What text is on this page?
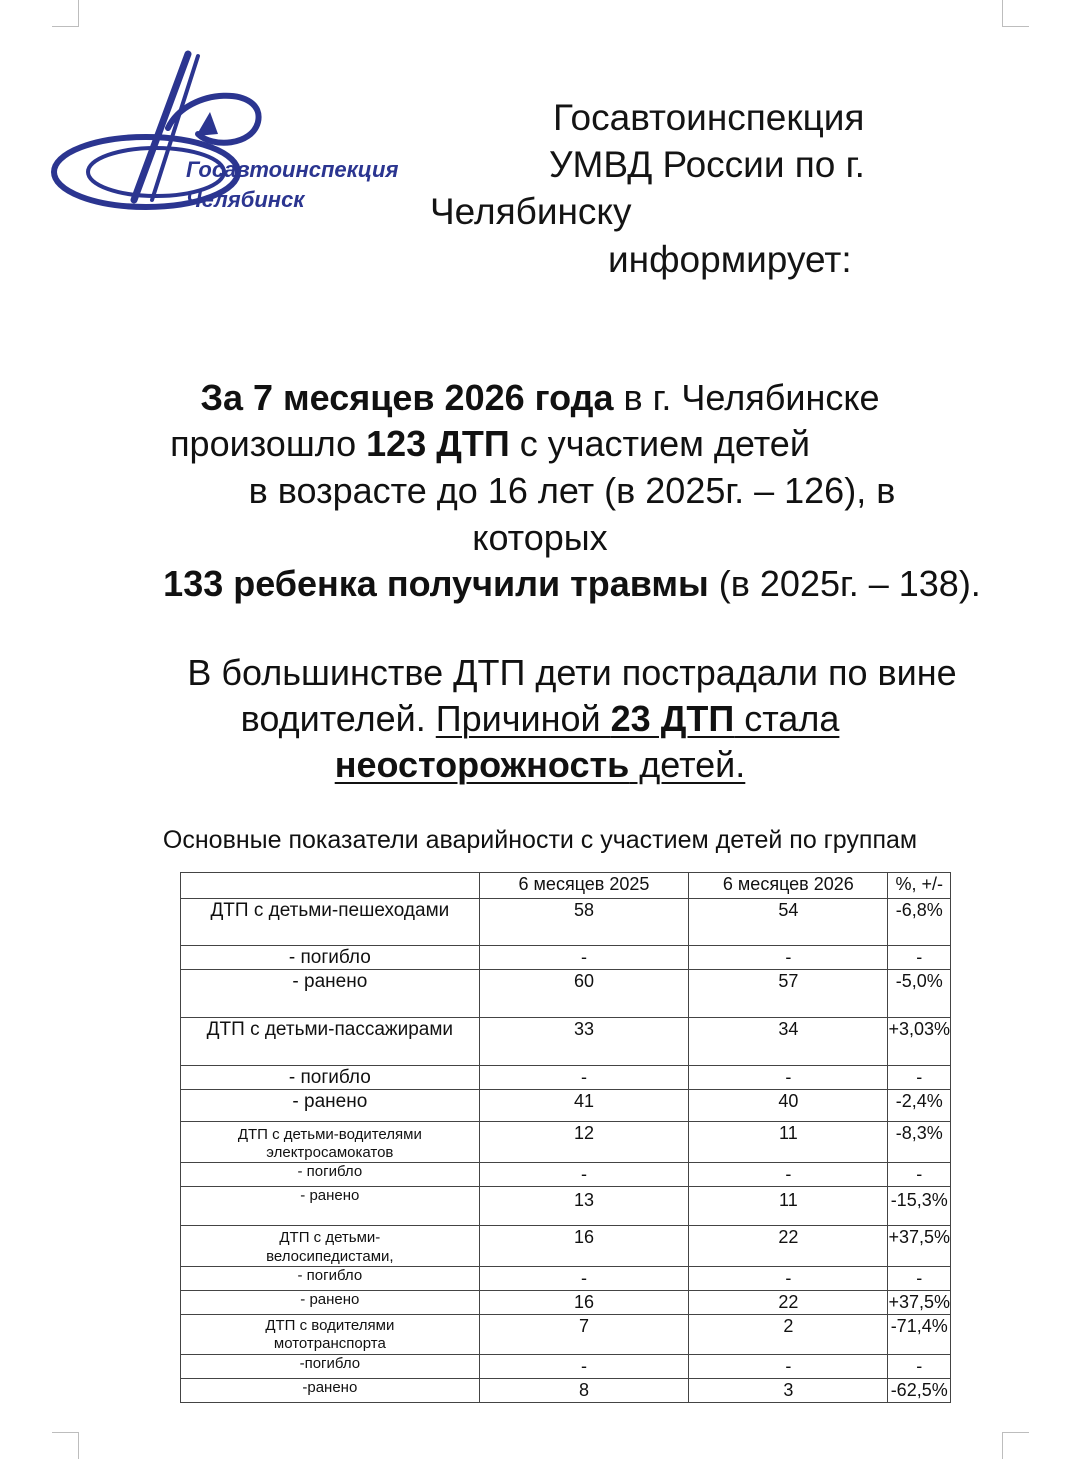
Госавтоинспекция
Челябинск
Госавтоинспекция
УМВД России по г.
Челябинску
информирует:
За 7 месяцев 2026 года в г. Челябинске
произошло 123 ДТП с участием детей
в возрасте до 16 лет (в 2025г. – 126), в
которых
133 ребенка получили травмы (в 2025г. – 138).
В большинстве ДТП дети пострадали по вине
водителей. Причиной 23 ДТП стала
неосторожность детей.
Основные показатели аварийности с участием детей по группам
	6 месяцев 2025	6 месяцев 2026	%, +/-
ДТП с детьми-пешеходами	58	54	-6,8%
- погибло	-	-	-
- ранено	60	57	-5,0%
ДТП с детьми-пассажирами	33	34	+3,03%
- погибло	-	-	-
- ранено	41	40	-2,4%
ДТП с детьми-водителями электросамокатов	12	11	-8,3%
- погибло	-	-	-
- ранено	13	11	-15,3%
ДТП с детьми-велосипедистами,	16	22	+37,5%
- погибло	-	-	-
- ранено	16	22	+37,5%
ДТП с водителями мототранспорта	7	2	-71,4%
-погибло	-	-	-
-ранено	8	3	-62,5%
